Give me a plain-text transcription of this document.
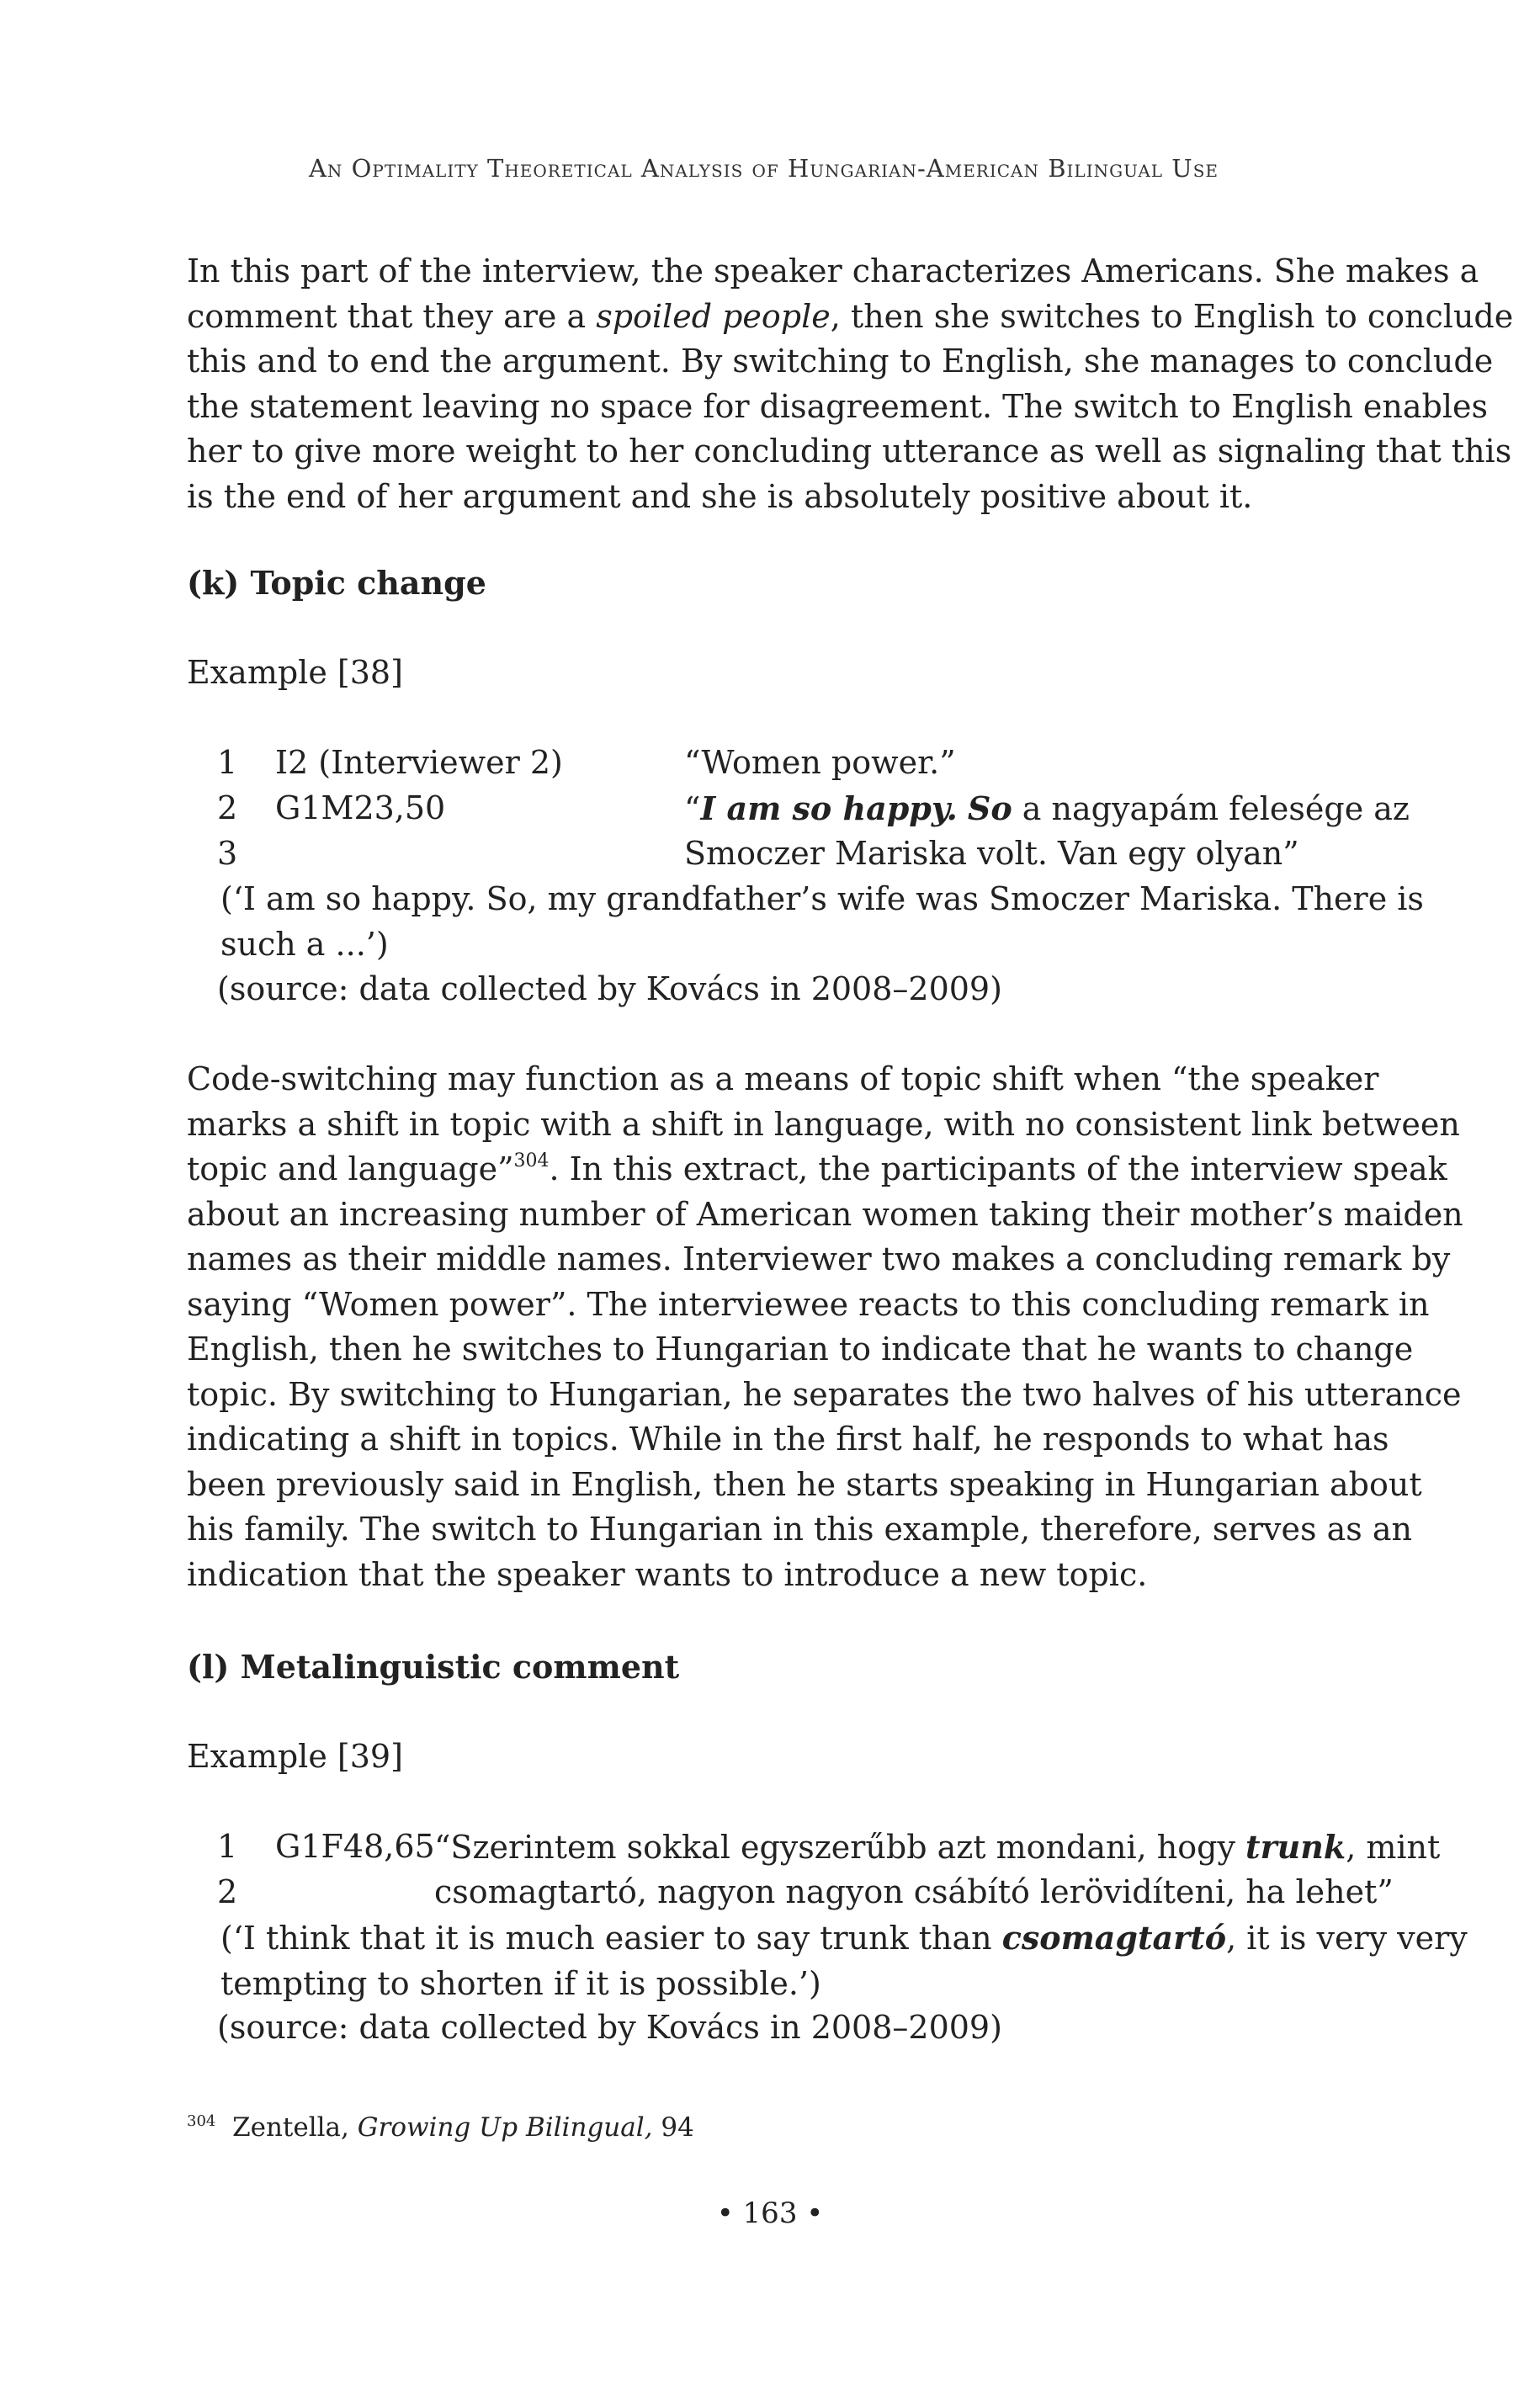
An Optimality Theoretical Analysis of Hungarian-American Bilingual Use
In this part of the interview, the speaker characterizes Americans. She makes a
comment that they are a spoiled people, then she switches to English to conclude
this and to end the argument. By switching to English, she manages to conclude
the statement leaving no space for disagreement. The switch to English enables
her to give more weight to her concluding utterance as well as signaling that this
is the end of her argument and she is absolutely positive about it.
(k) Topic change
Example [38]
1 I2 (Interviewer 2)	“Women power.”
2 G1M23,50	“I am so happy. So a nagyapám felesége az
3	Smoczer Mariska volt. Van egy olyan”
(‘I am so happy. So, my grandfather’s wife was Smoczer Mariska. There is
such a ...’)
(source: data collected by Kovács in 2008–2009)
Code-switching may function as a means of topic shift when “the speaker
marks a shift in topic with a shift in language, with no consistent link between
topic and language”$^{304}$. In this extract, the participants of the interview speak
about an increasing number of American women taking their mother’s maiden
names as their middle names. Interviewer two makes a concluding remark by
saying “Women power”. The interviewee reacts to this concluding remark in
English, then he switches to Hungarian to indicate that he wants to change
topic. By switching to Hungarian, he separates the two halves of his utterance
indicating a shift in topics. While in the first half, he responds to what has
been previously said in English, then he starts speaking in Hungarian about
his family. The switch to Hungarian in this example, therefore, serves as an
indication that the speaker wants to introduce a new topic.
(l) Metalinguistic comment
Example [39]
1 G1F48,65 “Szerintem sokkal egyszerűbb azt mondani, hogy trunk, mint
2	csomagtartó, nagyon nagyon csábító lerövidíteni, ha lehet”
(‘I think that it is much easier to say trunk than csomagtartó, it is very very
tempting to shorten if it is possible.’)
(source: data collected by Kovács in 2008–2009)
$^{304}$ Zentella, Growing Up Bilingual, 94
• 163 •
